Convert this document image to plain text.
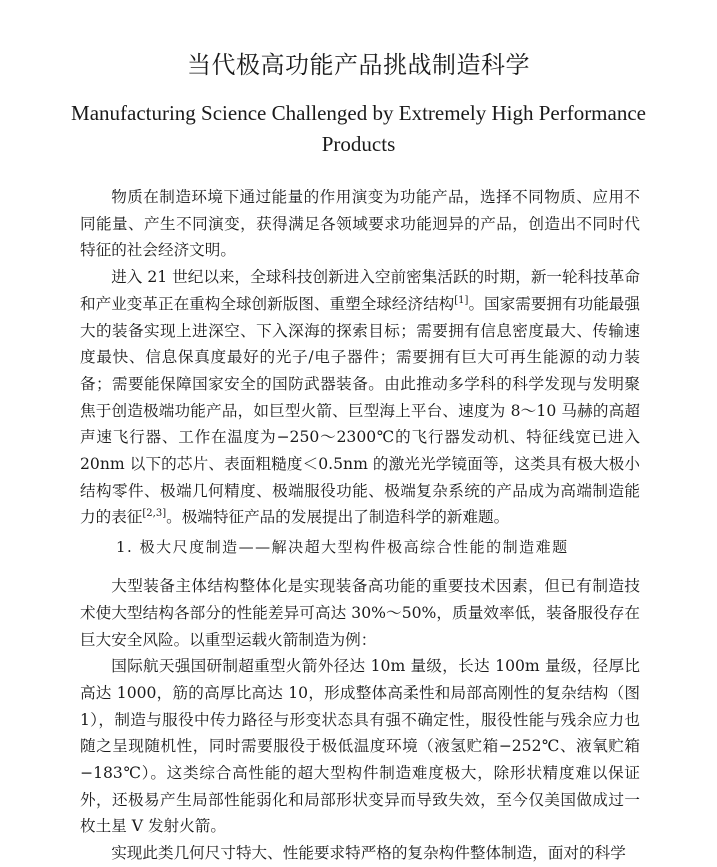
当代极高功能产品挑战制造科学
Manufacturing Science Challenged by Extremely High Performance Products

物质在制造环境下通过能量的作用演变为功能产品，选择不同物质、应用不同能量、产生不同演变，获得满足各领域要求功能迥异的产品，创造出不同时代特征的社会经济文明。

进入 21 世纪以来，全球科技创新进入空前密集活跃的时期，新一轮科技革命和产业变革正在重构全球创新版图、重塑全球经济结构[1]。国家需要拥有功能最强大的装备实现上进深空、下入深海的探索目标；需要拥有信息密度最大、传输速度最快、信息保真度最好的光子/电子器件；需要拥有巨大可再生能源的动力装备；需要能保障国家安全的国防武器装备。由此推动多学科的科学发现与发明聚焦于创造极端功能产品，如巨型火箭、巨型海上平台、速度为 8～10 马赫的高超声速飞行器、工作在温度为−250～2300℃的飞行器发动机、特征线宽已进入 20nm 以下的芯片、表面粗糙度＜0.5nm 的激光光学镜面等，这类具有极大极小结构零件、极端几何精度、极端服役功能、极端复杂系统的产品成为高端制造能力的表征[2,3]。极端特征产品的发展提出了制造科学的新难题。

1. 极大尺度制造——解决超大型构件极高综合性能的制造难题

大型装备主体结构整体化是实现装备高功能的重要技术因素，但已有制造技术使大型结构各部分的性能差异可高达 30%～50%，质量效率低，装备服役存在巨大安全风险。以重型运载火箭制造为例：

国际航天强国研制超重型火箭外径达 10m 量级，长达 100m 量级，径厚比高达 1000，筋的高厚比高达 10，形成整体高柔性和局部高刚性的复杂结构（图 1），制造与服役中传力路径与形变状态具有强不确定性，服役性能与残余应力也随之呈现随机性，同时需要服役于极低温度环境（液氢贮箱−252℃、液氧贮箱−183℃）。这类综合高性能的超大型构件制造难度极大，除形状精度难以保证外，还极易产生局部性能弱化和局部形状变异而导致失效，至今仅美国做成过一枚土星 V 发射火箭。

实现此类几何尺寸特大、性能要求特严格的复杂构件整体制造，面对的科学
